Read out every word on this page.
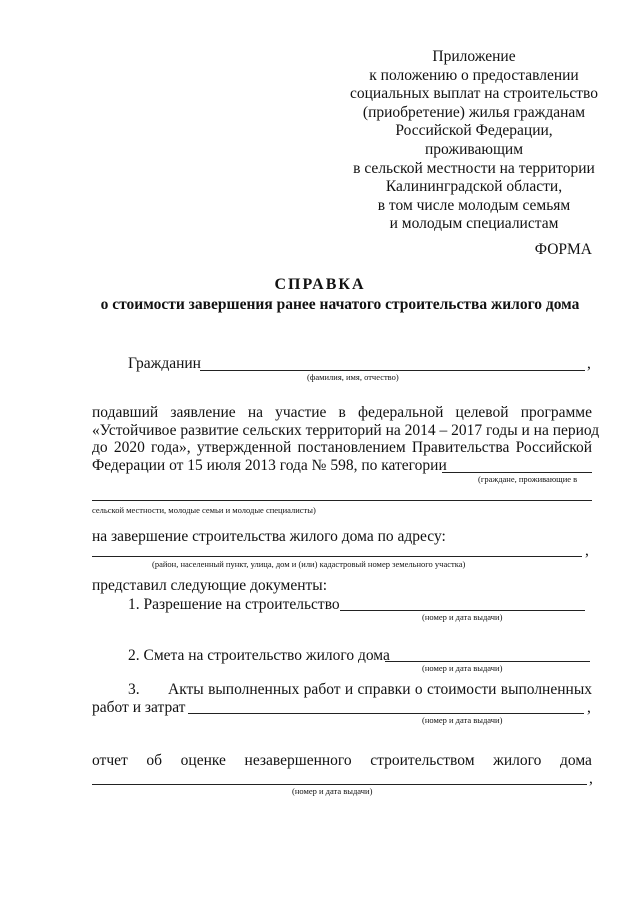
Приложение
к положению о предоставлении
социальных выплат на строительство
(приобретение) жилья гражданам
Российской Федерации,
проживающим
в сельской местности на территории
Калининградской области,
в том числе молодым семьям
и молодым специалистам
ФОРМА
СПРАВКА
о стоимости завершения ранее начатого строительства жилого дома
Гражданин	,
(фамилия, имя, отчество)
подавший заявление на участие в федеральной целевой программе
«Устойчивое развитие сельских территорий на 2014 – 2017 годы и на период
до 2020 года», утвержденной постановлением Правительства Российской
Федерации от 15 июля 2013 года № 598, по категории
(граждане, проживающие в
сельской местности, молодые семьи и молодые специалисты)
на завершение строительства жилого дома по адресу:
,
(район, населенный пункт, улица, дом и (или) кадастровый номер земельного участка)
представил следующие документы:
1. Разрешение на строительство
(номер и дата выдачи)
2. Смета на строительство жилого дома
(номер и дата выдачи)
3. Акты выполненных работ и справки о стоимости выполненных
работ и затрат	,
(номер и дата выдачи)
отчет об оценке незавершенного строительством жилого дома
,
(номер и дата выдачи)
